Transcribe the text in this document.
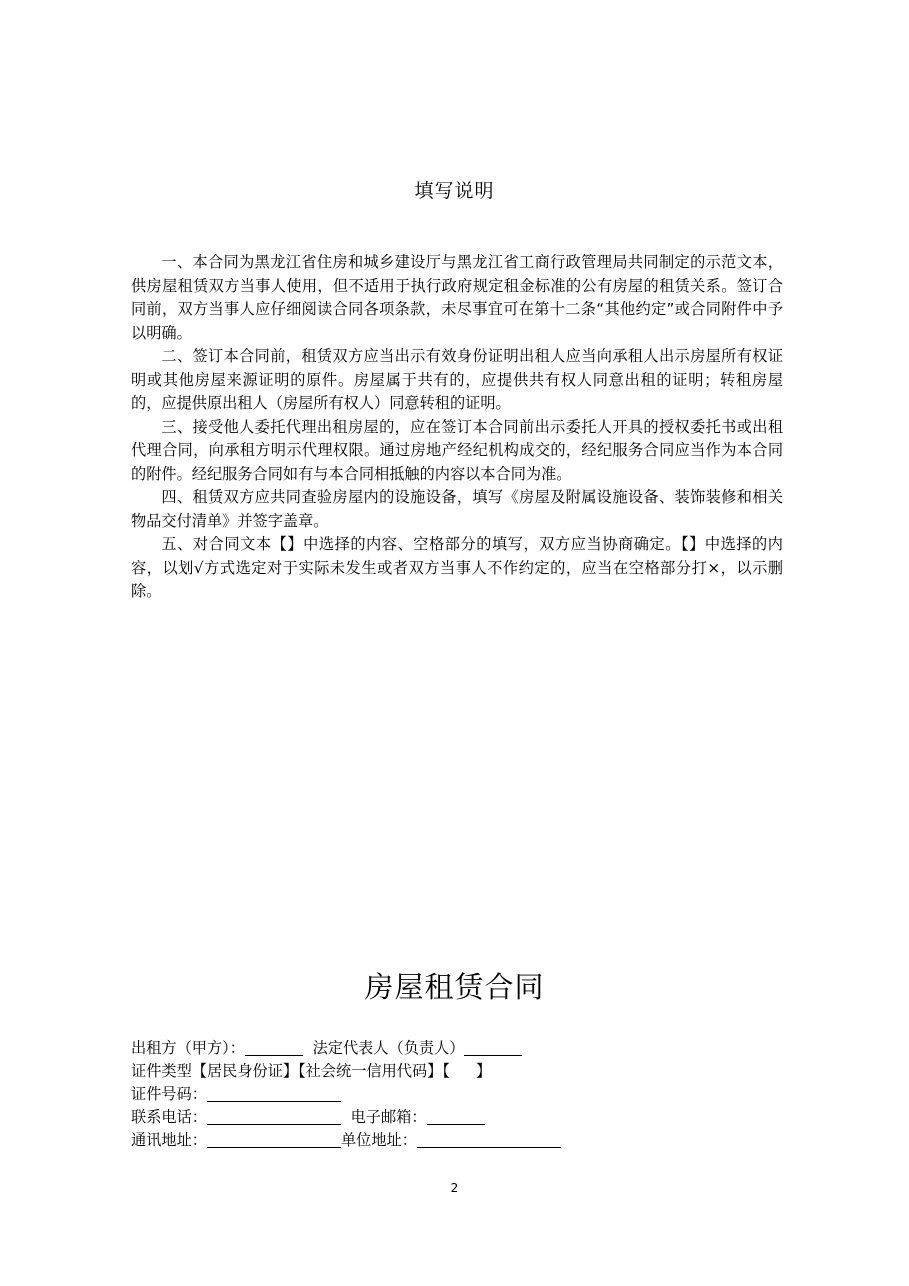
填写说明

一、本合同为黑龙江省住房和城乡建设厅与黑龙江省工商行政管理局共同制定的示范文本，供房屋租赁双方当事人使用，但不适用于执行政府规定租金标准的公有房屋的租赁关系。签订合同前，双方当事人应仔细阅读合同各项条款，未尽事宜可在第十二条“其他约定”或合同附件中予以明确。

二、签订本合同前，租赁双方应当出示有效身份证明出租人应当向承租人出示房屋所有权证明或其他房屋来源证明的原件。房屋属于共有的，应提供共有权人同意出租的证明；转租房屋的，应提供原出租人（房屋所有权人）同意转租的证明。

三、接受他人委托代理出租房屋的，应在签订本合同前出示委托人开具的授权委托书或出租代理合同，向承租方明示代理权限。通过房地产经纪机构成交的，经纪服务合同应当作为本合同的附件。经纪服务合同如有与本合同相抵触的内容以本合同为准。

四、租赁双方应共同查验房屋内的设施设备，填写《房屋及附属设施设备、装饰装修和相关物品交付清单》并签字盖章。

五、对合同文本【】中选择的内容、空格部分的填写，双方应当协商确定。【】中选择的内容，以划√方式选定对于实际未发生或者双方当事人不作约定的，应当在空格部分打×，以示删除。

房屋租赁合同
出租方（甲方）：	法定代表人（负责人）
证件类型【居民身份证】【社会统一信用代码】【 】
证件号码：
联系电话：	电子邮箱：
通讯地址：	单位地址：
2
